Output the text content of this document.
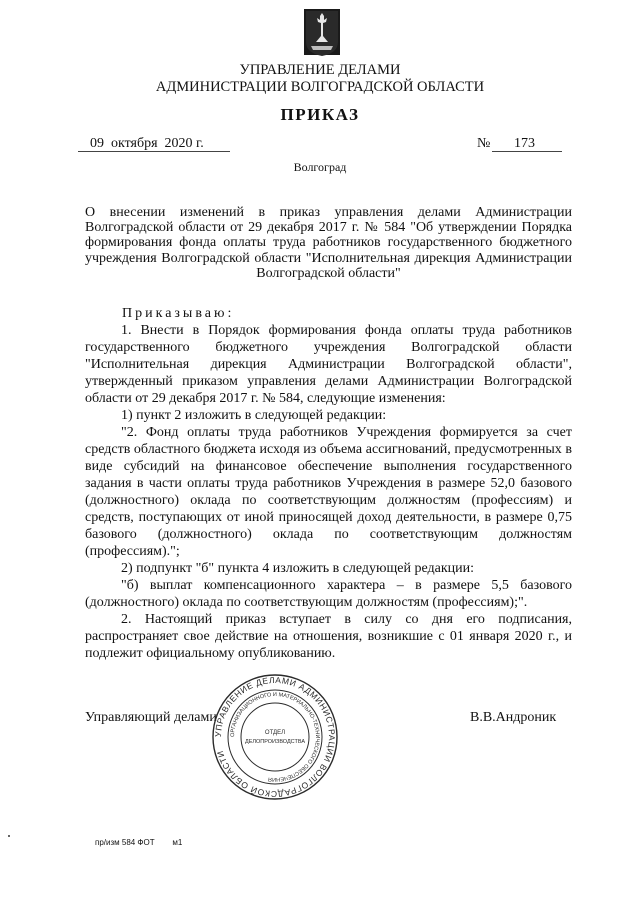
УПРАВЛЕНИЕ ДЕЛАМИ
АДМИНИСТРАЦИИ ВОЛГОГРАДСКОЙ ОБЛАСТИ
ПРИКАЗ
09  октября  2020 г.	№ 173
Волгоград
О внесении изменений в приказ управления делами Администрации Волгоградской области от 29 декабря 2017 г. № 584 "Об утверждении Порядка формирования фонда оплаты труда работников государственного бюджетного учреждения Волгоградской области "Исполнительная дирекция Администрации Волгоградской области"
Приказываю:

1. Внести в Порядок формирования фонда оплаты труда работников государственного бюджетного учреждения Волгоградской области "Исполнительная дирекция Администрации Волгоградской области", утвержденный приказом управления делами Администрации Волгоградской области от 29 декабря 2017 г. № 584, следующие изменения:

1) пункт 2 изложить в следующей редакции:

"2. Фонд оплаты труда работников Учреждения формируется за счет средств областного бюджета исходя из объема ассигнований, предусмотренных в виде субсидий на финансовое обеспечение выполнения государственного задания в части оплаты труда работников Учреждения в размере 52,0 базового (должностного) оклада по соответствующим должностям (профессиям) и средств, поступающих от иной приносящей доход деятельности, в размере 0,75 базового (должностного) оклада по соответствующим должностям (профессиям).";

2) подпункт "б" пункта 4 изложить в следующей редакции:

"б) выплат компенсационного характера – в размере 5,5 базового (должностного) оклада по соответствующим должностям (профессиям);".

2. Настоящий приказ вступает в силу со дня его подписания, распространяет свое действие на отношения, возникшие с 01 января 2020 г., и подлежит официальному опубликованию.

Управляющий делами	В.В.Андроник
УПРАВЛЕНИЕ ДЕЛАМИ АДМИНИСТРАЦИИ ВОЛГОГРАДСКОЙ ОБЛАСТИ
ОРГАНИЗАЦИОННОГО И МАТЕРИАЛЬНО-ТЕХНИЧЕСКОГО ОБЕСПЕЧЕНИЯ
ОТДЕЛ
ДЕЛОПРОИЗВОДСТВА
пр/изм 584 ФОТ м1
